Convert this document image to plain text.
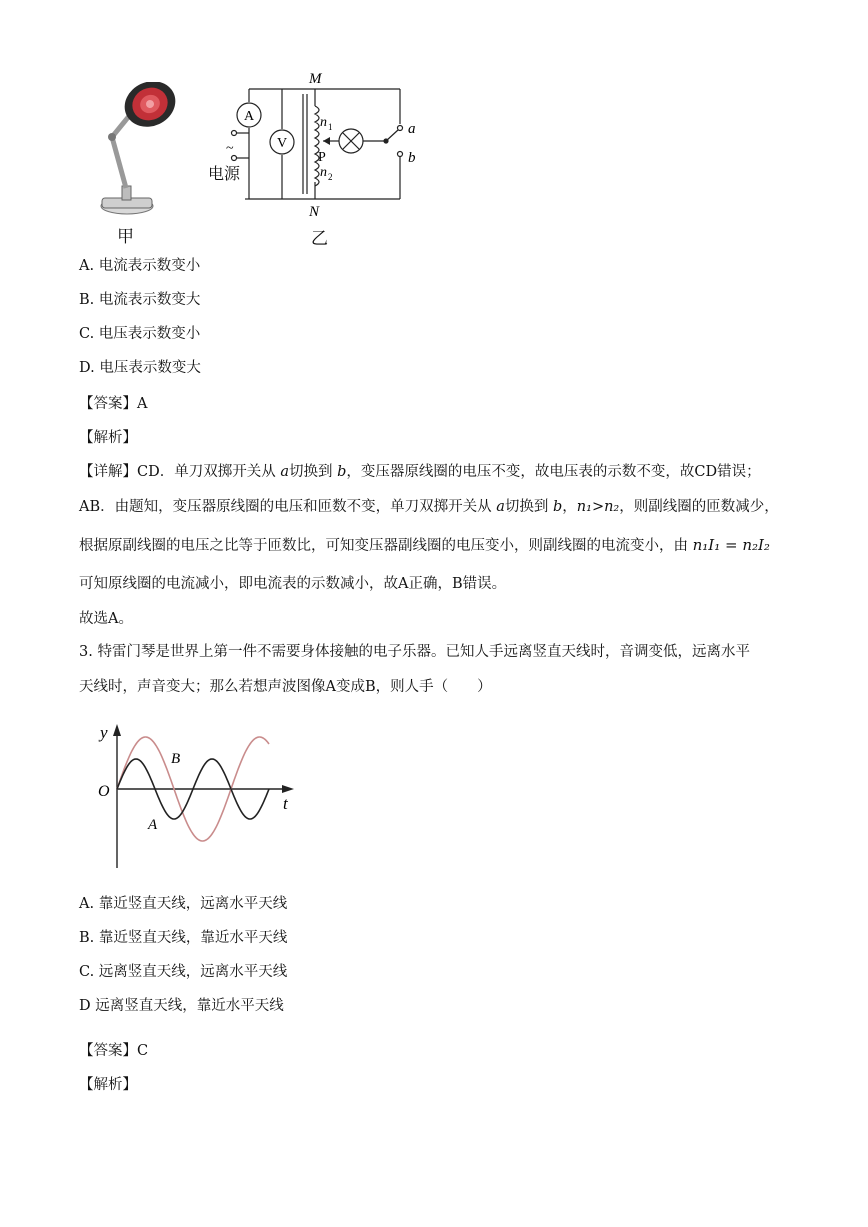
甲
A
V
M
N
n 1
n 2
P
a
b
~
电源
乙
A. 电流表示数变小
B. 电流表示数变大
C. 电压表示数变小
D. 电压表示数变大
【答案】A
【解析】
【详解】CD．单刀双掷开关从 a切换到 b，变压器原线圈的电压不变，故电压表的示数不变，故CD错误；
AB．由题知，变压器原线圈的电压和匝数不变，单刀双掷开关从 a切换到 b，n₁>n₂，则副线圈的匝数减少，
根据原副线圈的电压之比等于匝数比，可知变压器副线圈的电压变小，则副线圈的电流变小，由 n₁I₁ = n₂I₂
可知原线圈的电流减小，即电流表的示数减小，故A正确，B错误。
故选A。
3. 特雷门琴是世界上第一件不需要身体接触的电子乐器。已知人手远离竖直天线时，音调变低，远离水平
天线时，声音变大；那么若想声波图像A变成B，则人手（　　）
y
t
O
B
A
A. 靠近竖直天线，远离水平天线
B. 靠近竖直天线，靠近水平天线
C. 远离竖直天线，远离水平天线
D 远离竖直天线，靠近水平天线
【答案】C
【解析】
